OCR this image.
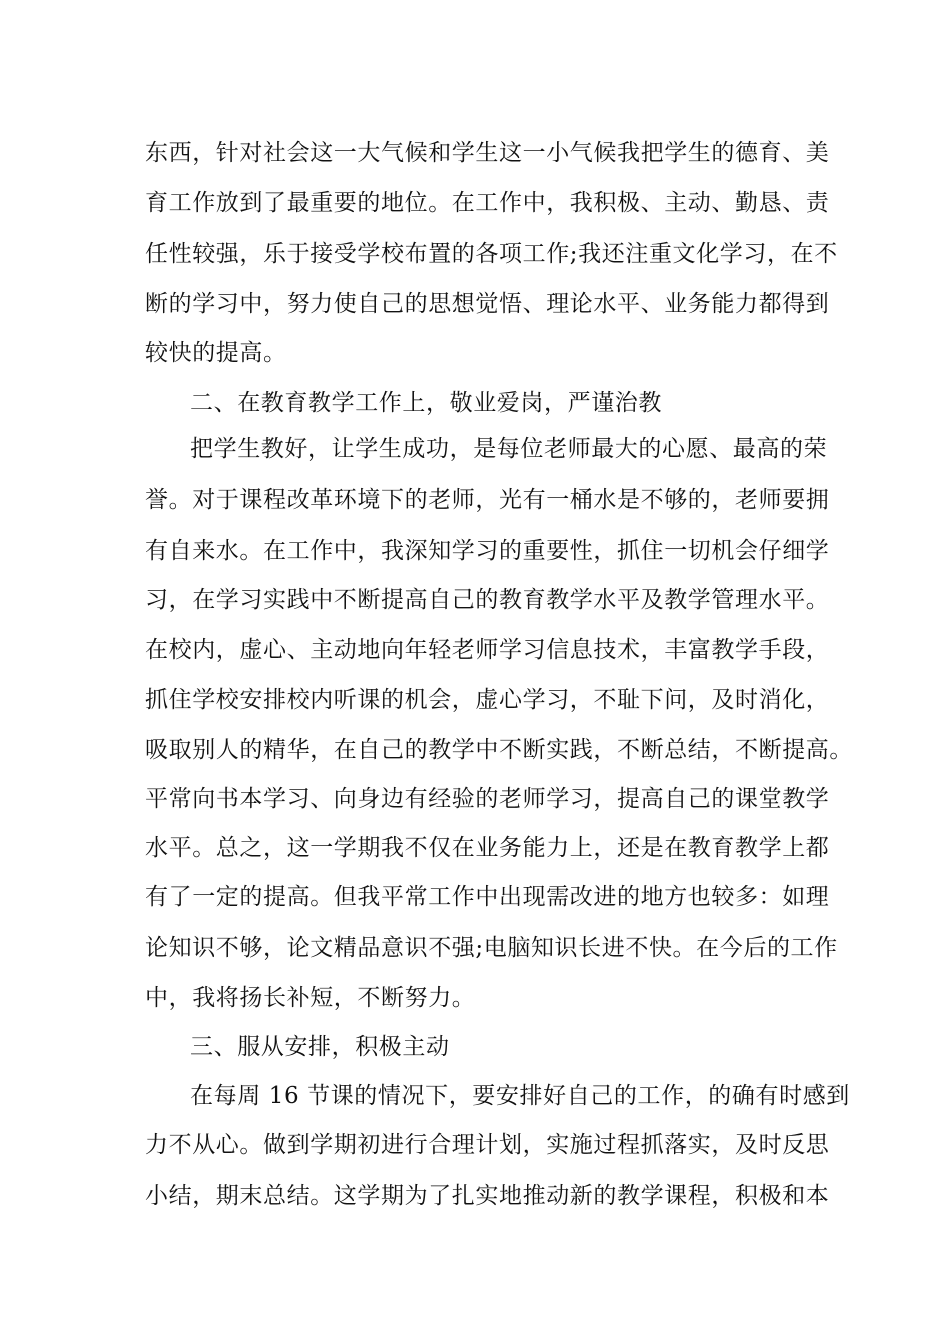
东西，针对社会这一大气候和学生这一小气候我把学生的德育、美
育工作放到了最重要的地位。在工作中，我积极、主动、勤恳、责
任性较强，乐于接受学校布置的各项工作;我还注重文化学习，在不
断的学习中，努力使自己的思想觉悟、理论水平、业务能力都得到
较快的提高。
二、在教育教学工作上，敬业爱岗，严谨治教
把学生教好，让学生成功，是每位老师最大的心愿、最高的荣
誉。对于课程改革环境下的老师，光有一桶水是不够的，老师要拥
有自来水。在工作中，我深知学习的重要性，抓住一切机会仔细学
习，在学习实践中不断提高自己的教育教学水平及教学管理水平。
在校内，虚心、主动地向年轻老师学习信息技术，丰富教学手段，
抓住学校安排校内听课的机会，虚心学习，不耻下问，及时消化，
吸取别人的精华，在自己的教学中不断实践，不断总结，不断提高。
平常向书本学习、向身边有经验的老师学习，提高自己的课堂教学
水平。总之，这一学期我不仅在业务能力上，还是在教育教学上都
有了一定的提高。但我平常工作中出现需改进的地方也较多：如理
论知识不够，论文精品意识不强;电脑知识长进不快。在今后的工作
中，我将扬长补短，不断努力。
三、服从安排，积极主动
在每周 16 节课的情况下，要安排好自己的工作，的确有时感到
力不从心。做到学期初进行合理计划，实施过程抓落实，及时反思
小结，期末总结。这学期为了扎实地推动新的教学课程，积极和本
